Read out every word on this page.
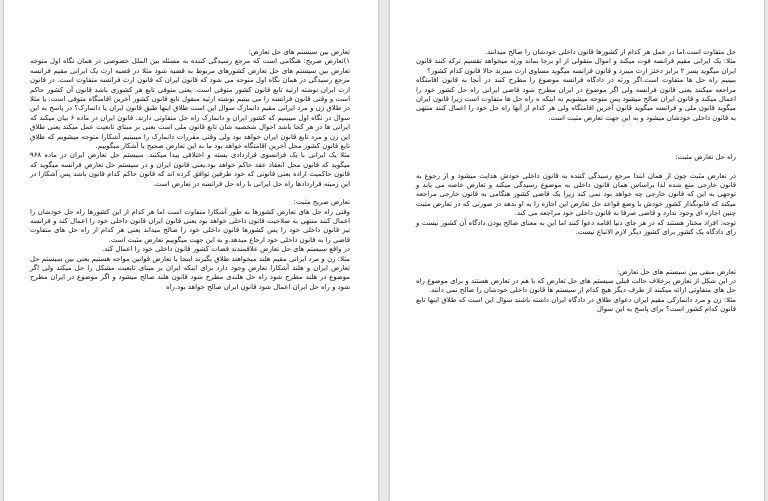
تعارض بین سیستم های حل تعارض:

۱)تعارض صریح: هنگامی است که مرجع رسیدگی کننده به مسئله بین الملل خصوصی در همان نگاه اول متوجه تعارض بین سیستم های حل تعارض کشورهای مربوط به قضیه شود مثلا در قضیه ارث یک ایرانی مقیم فرانسه مرجع رسیدگی در همان نگاه اول متوجه می شود که قانون ایران که قانون ارث فرانسه متفاوت است. در قانون ارث ایران نوشته ارثیه تابع قانون کشور متوفی است. یعنی متوفی تابع هر کشوری باشد قانون آن کشور حاکم است و وقتی قانون فرانسه را می بینیم نوشته ارثیه منقول تابع قانون کشور آخرین اقامتگاه متوفی است. یا مثلا در طلاق زن و مرد ایرانی مقیم دانمارک سوال این است طلاق اینها طبق قانون ایران یا دانمارک؟ در پاسخ به این سوال در نگاه اول میبینیم که کشور ایران و دانمارک راه حل متفاوتی دارند. قانون ایران در ماده ۶ بیان میکند که ایرانی ها در هر کجا باشد احوال شخصیه شان تابع قانون ملی است یعنی بر مبنای تابعیت عمل میکند یعنی طلاق این زن و مرد تابع قانون ایران خواهد بود ولی وقتی مقررات دانمارک را میبینیم آشکارا متوجه میشویم که طلاق تابع قانون کشور محل آخرین اقامتگاه خواهد بود ما به این تعارض صحیح یا آشکار میگوییم.

مثلا یک ایرانی با یک فرانسوی قراردادی بسته و اختلافی پیدا میکنند. سیستم حل تعارض ایران در ماده ۹۶۸ میگوید که قانون محل انعقاد عقد حاکم خواهد بود.یعنی قانون ایران و در سیستم حل تعارض فرانسه میگوید که قانون حاکمیت اراده یعنی قانونی که خود طرفین توافق کرده اند که قانون حاکم کدام قانون باشد پس آشکارا در این زمینه قراردادها راه حل ایرانی با راه حل فرانسه در تعارض است.

تعارض صریح مثبت:

وقتی راه حل های تعارض کشورها به طور آشکارا متفاوت است اما هر کدام از این کشورها راه حل خودشان را اعمال کنند منتهی به صلاحیت قانون داخلی خواهد بود یعنی قانون ایران قانون داخلی خود را اعمال کند و فرانسه نیز قانون داخلی خود را پس کشورها قانون داخلی خود را صالح میداند یعنی هر کدام از راه حل های متفاوت قاضی را به قانون داخلی خود ارجاع میدهد.و به این جهت میگوییم تعارض مثبت است.

در واقع سیستم های حل تعارض علاقمندند قضات کشور قانون داخلی خود را اعمال کند.

مثلا: زن و مرد ایرانی مقیم هلند میخواهند طلاق بگیرند اینجا با تعارض قوانین مواجه هستیم یعنی بین سیستم حل تعارض ایران و هلند آشکارا تعارض وجود دارد برای اینکه ایران بر مبنای تابعیت مشکل را حل میکند ولی اگر موضوع در هلند مطرح شود راه حل هلندی مطرح شود قانون هلند صالح میشود و اگر موضوع در ایران مطرح شود و راه حل ایران اعمال شود قانون ایران صالح خواهد بود.راه

حل متفاوت است.اما در عمل هر کدام از کشورها قانون داخلی خودشان را صالح میدانند.

مثلا: یک ایرانی مقیم فرانسه فوت میکند و اموال منقولی از او برجا بماند ورثه میخواهد تقسیم ترکه کنند قانون ایران میگوید پسر ۲ برابر دختر ارث میبرد و قانون فرانسه میگوید مساوی ارث میبرند حالا قانون کدام کشور؟

ببینیم راه حل ها متفاوت است.اگر ورثه در دادگاه فرانسه موضوع را مطرح کنند در آنجا به قانون اقامتگاه مراجعه میکنند یعنی قانون فرانسه ولی اگر موضوع در ایران مطرح شود قاضی ایرانی راه حل کشور خود را اعمال میکند و قانون ایران صالح میشود پس متوجه میشویم به اینکه ه راه حل ها متفاوت است زیرا قانون ایران میگوید قانون ملی و فرانسه میگوید قانون آخرین اقامتگاه ولی هر کدام از آنها راه حل خود را اعمال کنند منتهی به قانون داخلی خودشان میشود و به این جهت تعارض مثبت است.

راه حل تعارض مثبت:

در تعارض مثبت چون از همان ابتدا مرجع رسیدگی کننده به قانون داخلی خودش هدایت میشود و از رجوع به قانون خارجی منع شده لذا براساس همان قانون داخلی به موضوع رسیدگی میکند و تعارض خاصه می یابد و توجهی به این که قانون خارجی چه خواهد بود نمی کند زیرا یک قاضی کشور هنگامی به قانون خارجی مراجعه میکند که قانونگذار کشور خودش با وضع قواعد حل تعارض این اجازه را به او بدهد در صورتی که در تعارض مثبت چنین اجازه ای وجود ندارد و قاضی صرفا به قانون داخلی خود مراجعه می کند.

توجه: افراد مختار هستند که در هر جای دنیا اقامه دعوا کنند اما این به معنای صالح بودن دادگاه آن کشور نیست و رای دادگاه یک کشور برای کشور دیگر لازم الاتباع نیست.

تعارض منفی بین سیستم های حل تعارض:

در این شکل از تعارض برخلاف حالت قبلی سیستم های حل تعارض که با هم در تعارض هستند و برای موضوع راه حل های متفاوتی ارائه میکنند از طرف دیگر هیچ کدام از سیستم ها قانون داخلی خودشان را صالح نمی دانند.

مثلا: زن و مرد دانمارکی مقیم ایران دعوای طلاق در دادگاه ایران داشته باشند سوال این است که طلاق اینها تابع قانون کدام کشور است؟ برای پاسخ به این سوال
